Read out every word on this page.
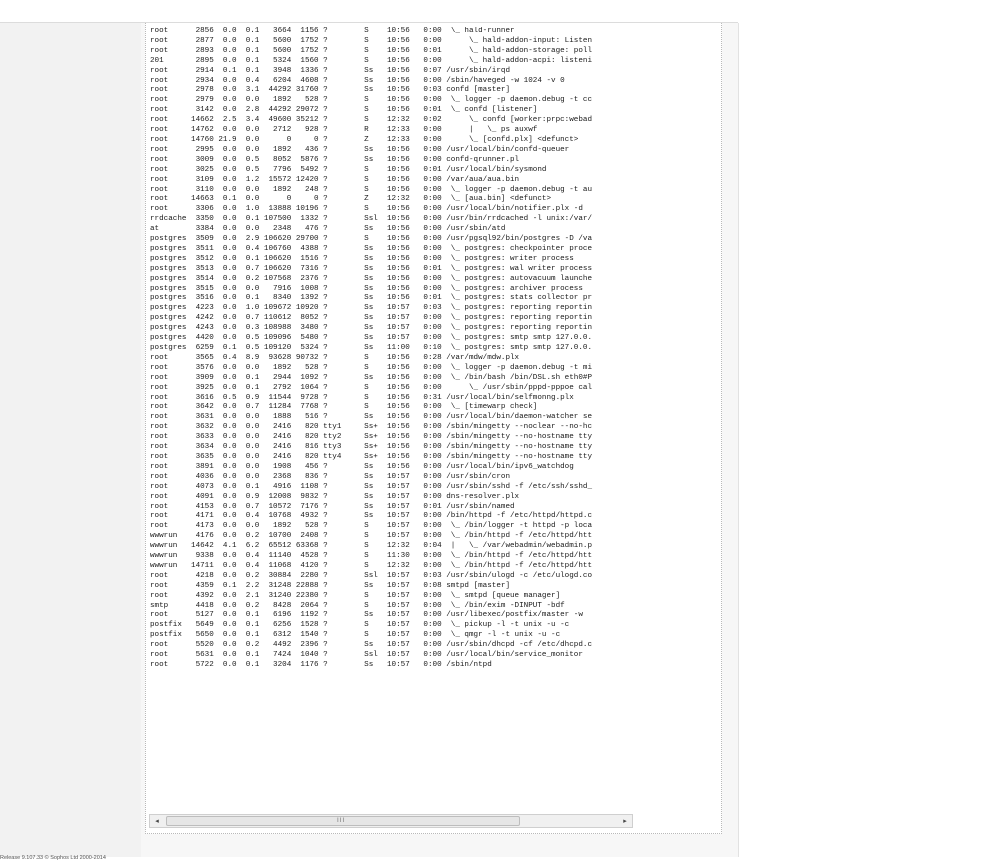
root      2856  0.0  0.1   3664  1156 ?        S    10:56   0:00  \_ hald-runner
root      2877  0.0  0.1   5600  1752 ?        S    10:56   0:00      \_ hald-addon-input: Listen
root      2893  0.0  0.1   5600  1752 ?        S    10:56   0:01      \_ hald-addon-storage: poll
201       2895  0.0  0.1   5324  1560 ?        S    10:56   0:00      \_ hald-addon-acpi: listeni
root      2914  0.1  0.1   3948  1336 ?        Ss   10:56   0:07 /usr/sbin/irqd
root      2934  0.0  0.4   6204  4608 ?        Ss   10:56   0:00 /sbin/haveged -w 1024 -v 0
root      2978  0.0  3.1  44292 31760 ?        Ss   10:56   0:03 confd [master]
root      2979  0.0  0.0   1892   528 ?        S    10:56   0:00  \_ logger -p daemon.debug -t cc
root      3142  0.0  2.8  44292 29072 ?        S    10:56   0:01  \_ confd [listener]
root     14662  2.5  3.4  49600 35212 ?        S    12:32   0:02      \_ confd [worker:prpc:webad
root     14762  0.0  0.0   2712   928 ?        R    12:33   0:00      |   \_ ps auxwf
root     14760 21.9  0.0      0     0 ?        Z    12:33   0:00      \_ [confd.plx] <defunct>
root      2995  0.0  0.0   1892   436 ?        Ss   10:56   0:00 /usr/local/bin/confd-queuer
root      3009  0.0  0.5   8052  5876 ?        Ss   10:56   0:00 confd-qrunner.pl
root      3025  0.0  0.5   7796  5492 ?        S    10:56   0:01 /usr/local/bin/sysmond
root      3109  0.0  1.2  15572 12420 ?        S    10:56   0:00 /var/aua/aua.bin
root      3110  0.0  0.0   1892   248 ?        S    10:56   0:00  \_ logger -p daemon.debug -t au
root     14663  0.1  0.0      0     0 ?        Z    12:32   0:00  \_ [aua.bin] <defunct>
root      3306  0.0  1.0  13888 10196 ?        S    10:56   0:00 /usr/local/bin/notifier.plx -d
rrdcache  3350  0.0  0.1 107500  1332 ?        Ssl  10:56   0:00 /usr/bin/rrdcached -l unix:/var/
at        3384  0.0  0.0   2348   476 ?        Ss   10:56   0:00 /usr/sbin/atd
postgres  3509  0.0  2.9 106620 29700 ?        S    10:56   0:00 /usr/pgsql92/bin/postgres -D /va
postgres  3511  0.0  0.4 106760  4388 ?        Ss   10:56   0:00  \_ postgres: checkpointer proce
postgres  3512  0.0  0.1 106620  1516 ?        Ss   10:56   0:00  \_ postgres: writer process
postgres  3513  0.0  0.7 106620  7316 ?        Ss   10:56   0:01  \_ postgres: wal writer process
postgres  3514  0.0  0.2 107568  2376 ?        Ss   10:56   0:00  \_ postgres: autovacuum launche
postgres  3515  0.0  0.0   7916  1008 ?        Ss   10:56   0:00  \_ postgres: archiver process
postgres  3516  0.0  0.1   8340  1392 ?        Ss   10:56   0:01  \_ postgres: stats collector pr
postgres  4223  0.0  1.0 109672 10920 ?        Ss   10:57   0:03  \_ postgres: reporting reportin
postgres  4242  0.0  0.7 110612  8052 ?        Ss   10:57   0:00  \_ postgres: reporting reportin
postgres  4243  0.0  0.3 108988  3480 ?        Ss   10:57   0:00  \_ postgres: reporting reportin
postgres  4420  0.0  0.5 109096  5480 ?        Ss   10:57   0:00  \_ postgres: smtp smtp 127.0.0.
postgres  6259  0.1  0.5 109120  5324 ?        Ss   11:00   0:10  \_ postgres: smtp smtp 127.0.0.
root      3565  0.4  8.9  93628 90732 ?        S    10:56   0:28 /var/mdw/mdw.plx
root      3576  0.0  0.0   1892   528 ?        S    10:56   0:00  \_ logger -p daemon.debug -t mi
root      3909  0.0  0.1   2944  1092 ?        Ss   10:56   0:00  \_ /bin/bash /bin/DSL.sh eth0#P
root      3925  0.0  0.1   2792  1064 ?        S    10:56   0:00      \_ /usr/sbin/pppd-pppoe cal
root      3616  0.5  0.9  11544  9728 ?        S    10:56   0:31 /usr/local/bin/selfmonng.plx
root      3642  0.0  0.7  11284  7768 ?        S    10:56   0:00  \_ [timewarp check]
root      3631  0.0  0.0   1888   516 ?        Ss   10:56   0:00 /usr/local/bin/daemon-watcher se
root      3632  0.0  0.0   2416   820 tty1     Ss+  10:56   0:00 /sbin/mingetty --noclear --no-hc
root      3633  0.0  0.0   2416   820 tty2     Ss+  10:56   0:00 /sbin/mingetty --no-hostname tty
root      3634  0.0  0.0   2416   816 tty3     Ss+  10:56   0:00 /sbin/mingetty --no-hostname tty
root      3635  0.0  0.0   2416   820 tty4     Ss+  10:56   0:00 /sbin/mingetty --no-hostname tty
root      3891  0.0  0.0   1908   456 ?        Ss   10:56   0:00 /usr/local/bin/ipv6_watchdog
root      4036  0.0  0.0   2368   836 ?        Ss   10:57   0:00 /usr/sbin/cron
root      4073  0.0  0.1   4916  1108 ?        Ss   10:57   0:00 /usr/sbin/sshd -f /etc/ssh/sshd_
root      4091  0.0  0.9  12008  9832 ?        Ss   10:57   0:00 dns-resolver.plx
root      4153  0.0  0.7  10572  7176 ?        Ss   10:57   0:01 /usr/sbin/named
root      4171  0.0  0.4  10768  4932 ?        Ss   10:57   0:00 /bin/httpd -f /etc/httpd/httpd.c
root      4173  0.0  0.0   1892   528 ?        S    10:57   0:00  \_ /bin/logger -t httpd -p loca
wwwrun    4176  0.0  0.2  10700  2408 ?        S    10:57   0:00  \_ /bin/httpd -f /etc/httpd/htt
wwwrun   14642  4.1  6.2  65512 63368 ?        S    12:32   0:04  |   \_ /var/webadmin/webadmin.p
wwwrun    9338  0.0  0.4  11140  4528 ?        S    11:30   0:00  \_ /bin/httpd -f /etc/httpd/htt
wwwrun   14711  0.0  0.4  11068  4120 ?        S    12:32   0:00  \_ /bin/httpd -f /etc/httpd/htt
root      4218  0.0  0.2  30884  2280 ?        Ssl  10:57   0:03 /usr/sbin/ulogd -c /etc/ulogd.co
root      4359  0.1  2.2  31248 22888 ?        Ss   10:57   0:08 smtpd [master]
root      4392  0.0  2.1  31240 22380 ?        S    10:57   0:00  \_ smtpd [queue manager]
smtp      4418  0.0  0.2   8428  2064 ?        S    10:57   0:00  \_ /bin/exim -DINPUT -bdf
root      5127  0.0  0.1   6196  1192 ?        Ss   10:57   0:00 /usr/libexec/postfix/master -w
postfix   5649  0.0  0.1   6256  1528 ?        S    10:57   0:00  \_ pickup -l -t unix -u -c
postfix   5650  0.0  0.1   6312  1540 ?        S    10:57   0:00  \_ qmgr -l -t unix -u -c
root      5520  0.0  0.2   4492  2396 ?        Ss   10:57   0:00 /usr/sbin/dhcpd -cf /etc/dhcpd.c
root      5631  0.0  0.1   7424  1040 ?        Ssl  10:57   0:00 /usr/local/bin/service_monitor
root      5722  0.0  0.1   3204  1176 ?        Ss   10:57   0:00 /sbin/ntpd
◂	III	▸
Release 9.107.33 © Sophos Ltd 2000-2014
